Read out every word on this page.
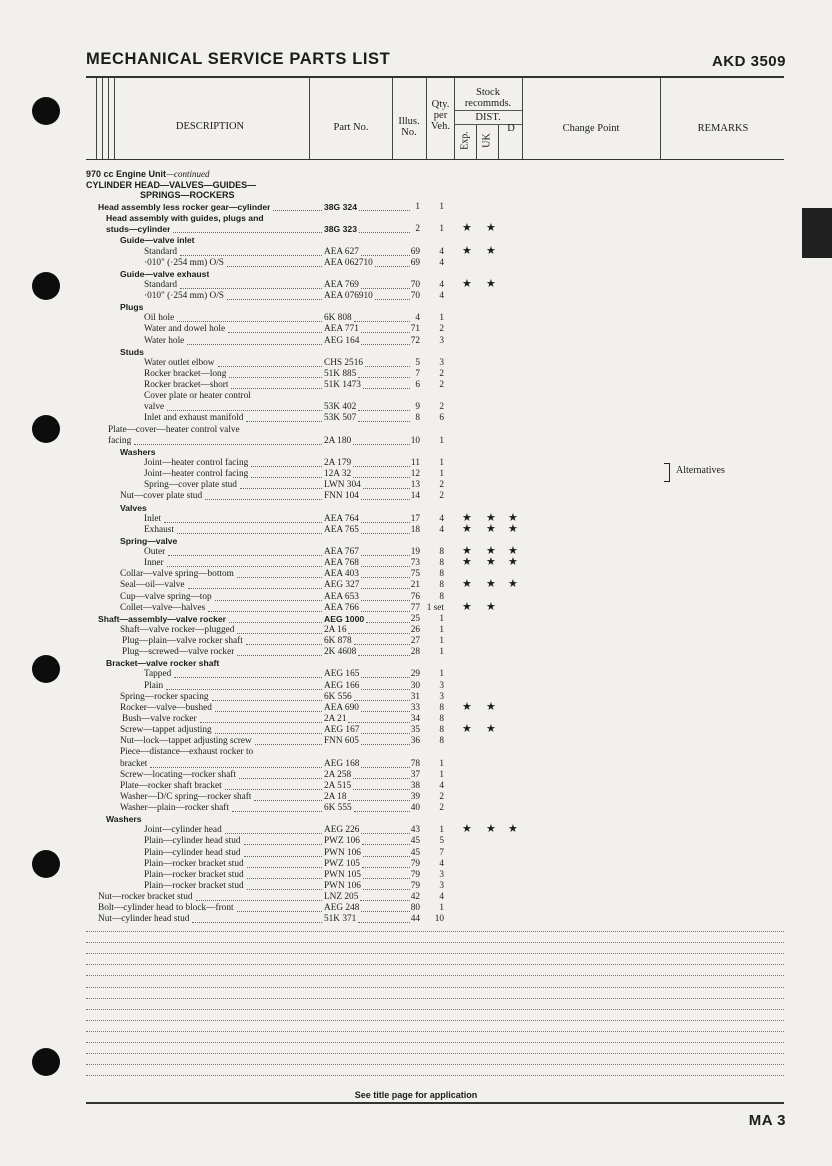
MECHANICAL SERVICE PARTS LIST	AKD 3509
DESCRIPTION	Part No.
Illus.
No.
Qty.
per
Veh.
Stock
recommds.
DIST.
Exp. UK
D	Change Point	REMARKS
970 cc Engine Unit—continued
CYLINDER HEAD—VALVES—GUIDES—
SPRINGS—ROCKERS
Head assembly less rocker gear—cylinder	38G 324	1	1
Head assembly with guides, plugs and
studs—cylinder	38G 323	2	1 ★ ★
Guide—valve inlet
Standard	AEA 627	69	4 ★ ★
·010" (·254 mm) O/S	AEA 062710	69	4
Guide—valve exhaust
Standard	AEA 769	70	4 ★ ★
·010" (·254 mm) O/S	AEA 076910	70	4
Plugs
Oil hole	6K 808	4	1
Water and dowel hole	AEA 771	71	2
Water hole	AEG 164	72	3
Studs
Water outlet elbow	CHS 2516	5	3
Rocker bracket—long	51K 885	7	2
Rocker bracket—short	51K 1473	6	2
Cover plate or heater control
valve	53K 402	9	2
Inlet and exhaust manifold	53K 507	8	6
Plate—cover—heater control valve
facing	2A 180	10	1
Washers
Joint—heater control facing	2A 179	11	1
Joint—heater control facing	12A 32	12	1
Spring—cover plate stud	LWN 304	13	2
Nut—cover plate stud	FNN 104	14	2
Valves
Inlet	AEA 764	17	4 ★ ★ ★
Exhaust	AEA 765	18	4 ★ ★ ★
Spring—valve
Outer	AEA 767	19	8 ★ ★ ★
Inner	AEA 768	73	8 ★ ★ ★
Collar—valve spring—bottom	AEA 403	75	8
Seal—oil—valve	AEG 327	21	8 ★ ★ ★
Cup—valve spring—top	AEA 653	76	8
Collet—valve—halves	AEA 766	77 1 set ★ ★
Shaft—assembly—valve rocker	AEG 1000	25	1
Shaft—valve rocker—plugged	2A 16	26	1
Plug—plain—valve rocker shaft	6K 878	27	1
Plug—screwed—valve rocker	2K 4608	28	1
Bracket—valve rocker shaft
Tapped	AEG 165	29	1
Plain	AEG 166	30	3
Spring—rocker spacing	6K 556	31	3
Rocker—valve—bushed	AEA 690	33	8 ★ ★
Bush—valve rocker	2A 21	34	8
Screw—tappet adjusting	AEG 167	35	8 ★ ★
Nut—lock—tappet adjusting screw	FNN 605	36	8
Piece—distance—exhaust rocker to
bracket	AEG 168	78	1
Screw—locating—rocker shaft	2A 258	37	1
Plate—rocker shaft bracket	2A 515	38	4
Washer—D/C spring—rocker shaft	2A 18	39	2
Washer—plain—rocker shaft	6K 555	40	2
Washers
Joint—cylinder head	AEG 226	43	1 ★ ★ ★
Plain—cylinder head stud	PWZ 106	45	5
Plain—cylinder head stud	PWN 106	45	7
Plain—rocker bracket stud	PWZ 105	79	4
Plain—rocker bracket stud	PWN 105	79	3
Plain—rocker bracket stud	PWN 106	79	3
Nut—rocker bracket stud	LNZ 205	42	4
Bolt—cylinder head to block—front	AEG 248	80	1
Nut—cylinder head stud	51K 371	44	10
Alternatives
See title page for application
MA 3
